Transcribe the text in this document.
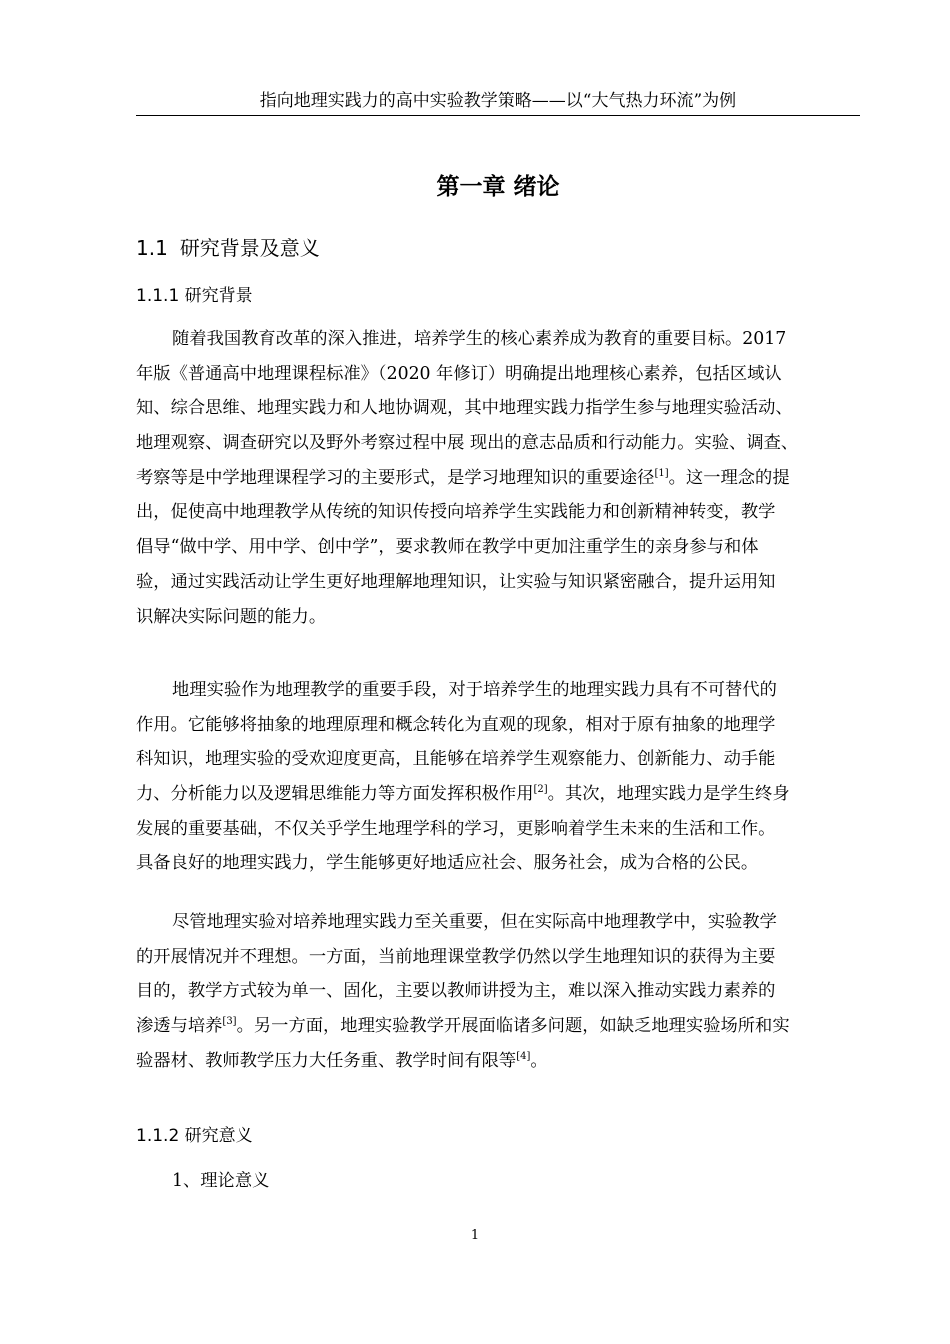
指向地理实践力的高中实验教学策略——以“大气热力环流”为例
第一章 绪论
1.1 研究背景及意义
1.1.1 研究背景
随着我国教育改革的深入推进，培养学生的核心素养成为教育的重要目标。2017
年版《普通高中地理课程标准》（2020 年修订）明确提出地理核心素养，包括区域认
知、综合思维、地理实践力和人地协调观，其中地理实践力指学生参与地理实验活动、
地理观察、调查研究以及野外考察过程中展 现出的意志品质和行动能力。实验、调查、
考察等是中学地理课程学习的主要形式，是学习地理知识的重要途径[1]。这一理念的提
出，促使高中地理教学从传统的知识传授向培养学生实践能力和创新精神转变，教学
倡导“做中学、用中学、创中学”，要求教师在教学中更加注重学生的亲身参与和体
验，通过实践活动让学生更好地理解地理知识，让实验与知识紧密融合，提升运用知
识解决实际问题的能力。
地理实验作为地理教学的重要手段，对于培养学生的地理实践力具有不可替代的
作用。它能够将抽象的地理原理和概念转化为直观的现象，相对于原有抽象的地理学
科知识，地理实验的受欢迎度更高，且能够在培养学生观察能力、创新能力、动手能
力、分析能力以及逻辑思维能力等方面发挥积极作用[2]。其次，地理实践力是学生终身
发展的重要基础，不仅关乎学生地理学科的学习，更影响着学生未来的生活和工作。
具备良好的地理实践力，学生能够更好地适应社会、服务社会，成为合格的公民。
尽管地理实验对培养地理实践力至关重要，但在实际高中地理教学中，实验教学
的开展情况并不理想。一方面，当前地理课堂教学仍然以学生地理知识的获得为主要
目的，教学方式较为单一、固化，主要以教师讲授为主，难以深入推动实践力素养的
渗透与培养[3]。另一方面，地理实验教学开展面临诸多问题，如缺乏地理实验场所和实
验器材、教师教学压力大任务重、教学时间有限等[4]。
1.1.2 研究意义
1、理论意义
1
